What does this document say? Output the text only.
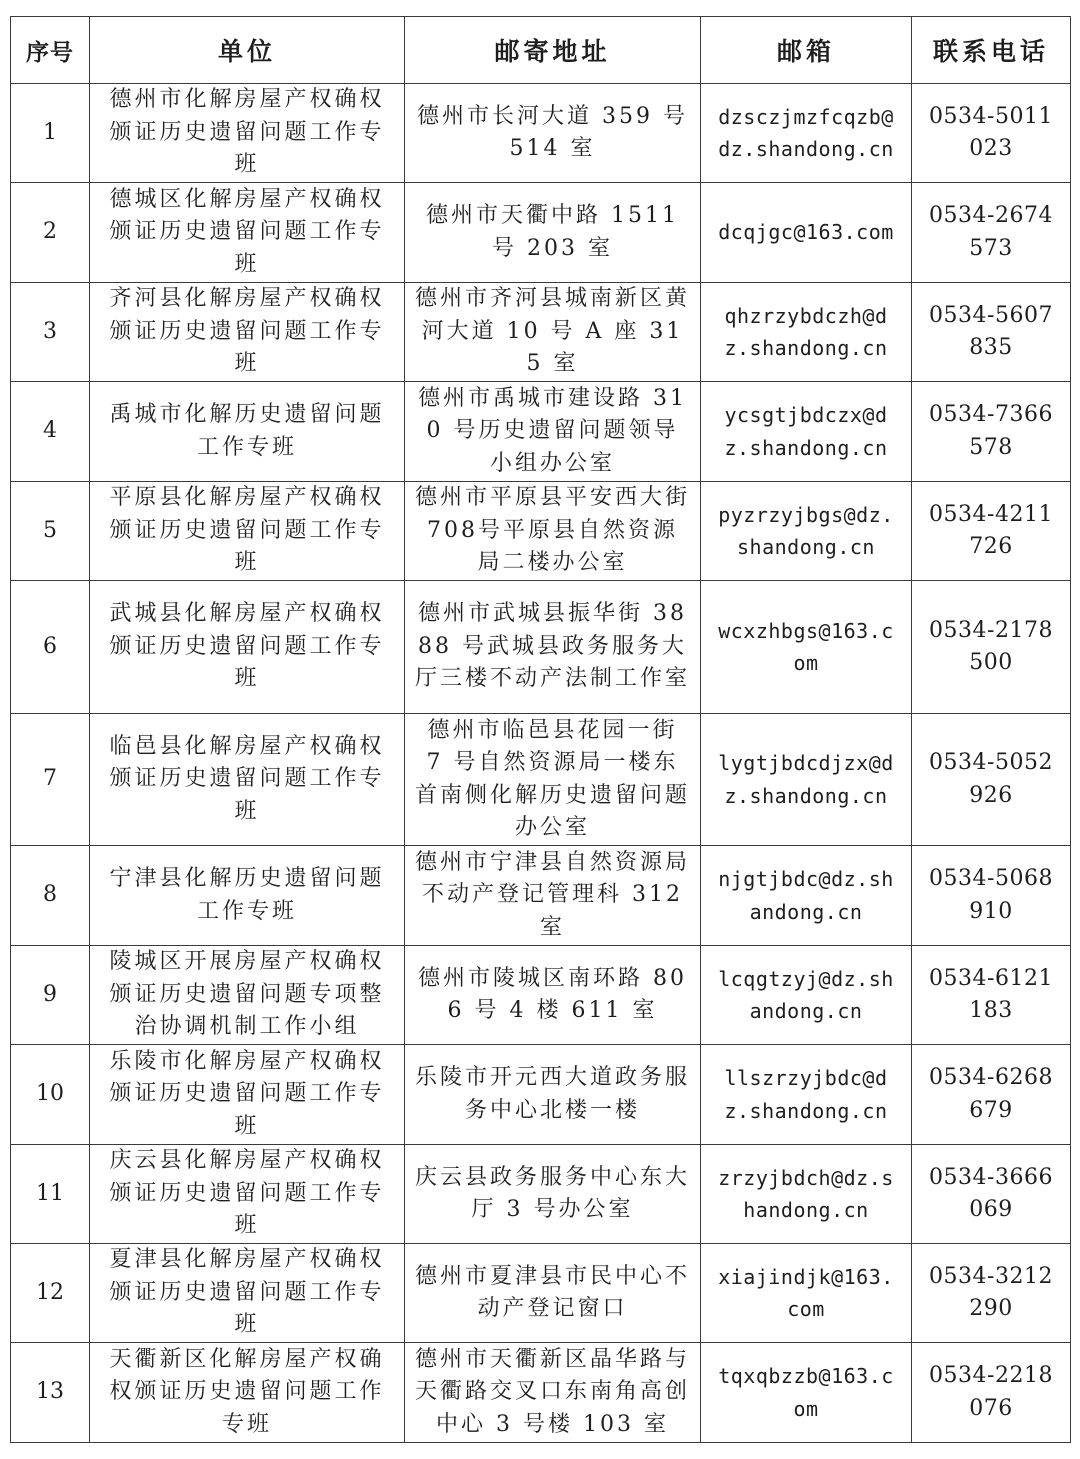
序号	单位	邮寄地址	邮箱	联系电话
1	德州市化解房屋产权确权颁证历史遗留问题工作专班	德州市长河大道 359 号 514 室	dzsczjmzfcqzb@dz.shandong.cn	0534-5011023
2	德城区化解房屋产权确权颁证历史遗留问题工作专班	德州市天衢中路 1511 号 203 室	dcqjgc@163.com	0534-2674573
3	齐河县化解房屋产权确权颁证历史遗留问题工作专班	德州市齐河县城南新区黄河大道 10 号 A 座 315 室	qhzrzybdczh@dz.shandong.cn	0534-5607835
4	禹城市化解历史遗留问题工作专班	德州市禹城市建设路 310 号历史遗留问题领导小组办公室	ycsgtjbdczx@dz.shandong.cn	0534-7366578
5	平原县化解房屋产权确权颁证历史遗留问题工作专班	德州市平原县平安西大街708号平原县自然资源局二楼办公室	pyzrzyjbgs@dz.shandong.cn	0534-4211726
6	武城县化解房屋产权确权颁证历史遗留问题工作专班	德州市武城县振华街 3888 号武城县政务服务大厅三楼不动产法制工作室	wcxzhbgs@163.com	0534-2178500
7	临邑县化解房屋产权确权颁证历史遗留问题工作专班	德州市临邑县花园一街 7 号自然资源局一楼东首南侧化解历史遗留问题办公室	lygtjbdcdjzx@dz.shandong.cn	0534-5052926
8	宁津县化解历史遗留问题工作专班	德州市宁津县自然资源局不动产登记管理科 312 室	njgtjbdc@dz.shandong.cn	0534-5068910
9	陵城区开展房屋产权确权颁证历史遗留问题专项整治协调机制工作小组	德州市陵城区南环路 806 号 4 楼 611 室	lcqgtzyj@dz.shandong.cn	0534-6121183
10	乐陵市化解房屋产权确权颁证历史遗留问题工作专班	乐陵市开元西大道政务服务中心北楼一楼	llszrzyjbdc@dz.shandong.cn	0534-6268679
11	庆云县化解房屋产权确权颁证历史遗留问题工作专班	庆云县政务服务中心东大厅 3 号办公室	zrzyjbdch@dz.shandong.cn	0534-3666069
12	夏津县化解房屋产权确权颁证历史遗留问题工作专班	德州市夏津县市民中心不动产登记窗口	xiajindjk@163.com	0534-3212290
13	天衢新区化解房屋产权确权颁证历史遗留问题工作专班	德州市天衢新区晶华路与天衢路交叉口东南角高创中心 3 号楼 103 室	tqxqbzzb@163.com	0534-2218076
